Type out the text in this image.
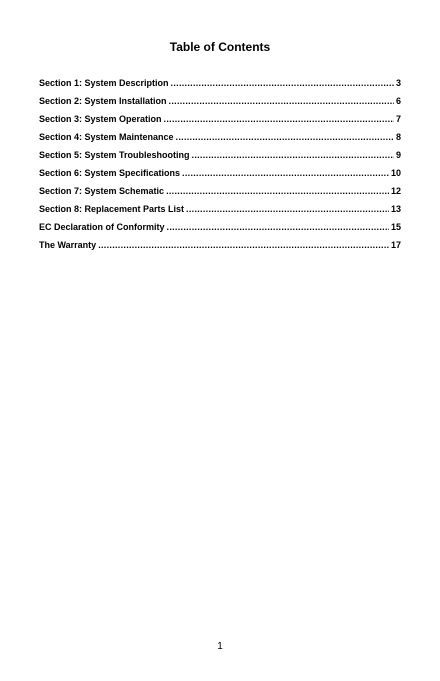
Table of Contents
Section 1: System Description .....	3
Section 2: System Installation .....	6
Section 3: System Operation .....	7
Section 4: System Maintenance .....	8
Section 5: System Troubleshooting .....	9
Section 6: System Specifications .....	10
Section 7: System Schematic .....	12
Section 8: Replacement Parts List .....	13
EC Declaration of Conformity .....	15
The Warranty .....	17
1
